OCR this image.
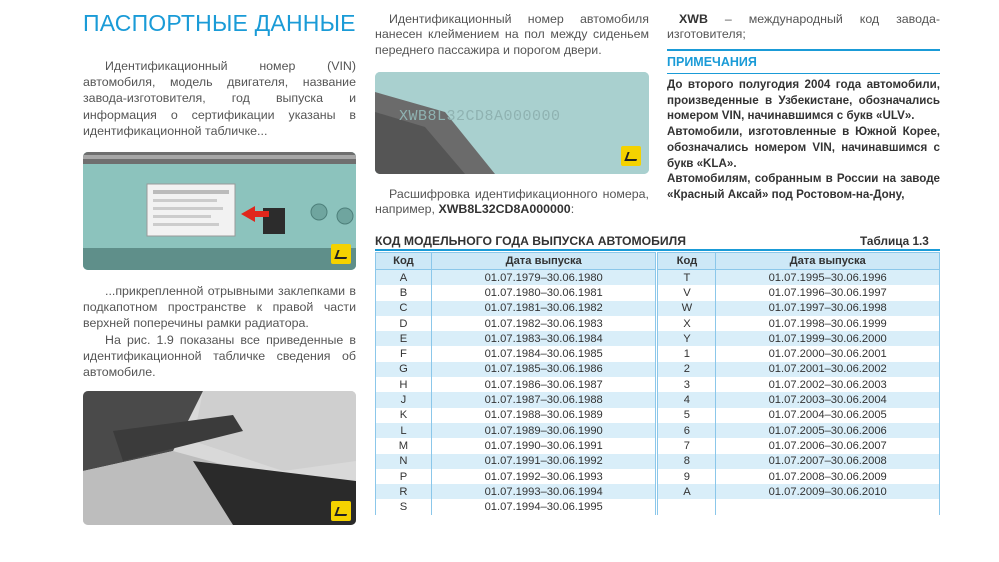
ПАСПОРТНЫЕ ДАННЫЕ

Идентификационный номер (VIN) автомобиля, модель двигателя, название завода-изготовителя, год выпуска и информация о сертификации указаны в идентификационной табличке...

...прикрепленной отрывными заклепками в подкапотном пространстве к правой части верхней поперечины рамки радиатора.

На рис. 1.9 показаны все приведенные в идентификационной табличке сведения об автомобиле.

Идентификационный номер автомобиля нанесен клеймением на пол между сиденьем переднего пассажира и порогом двери.

XWB8L32CD8A000000

Расшифровка идентификационного номера, например, XWB8L32CD8A000000:

XWB – международный код завода-изготовителя;

ПРИМЕЧАНИЯ

До второго полугодия 2004 года автомобили, произведенные в Узбекистане, обозначались номером VIN, начинавшимся с букв «ULV».

Автомобили, изготовленные в Южной Корее, обозначались номером VIN, начинавшимся с букв «KLA».

Автомобилям, собранным в России на заводе «Красный Аксай» под Ростовом-на-Дону,

КОД МОДЕЛЬНОГО ГОДА ВЫПУСКА АВТОМОБИЛЯ	Таблица 1.3
Код	Дата выпуска		Код	Дата выпуска
A	01.07.1979–30.06.1980		T	01.07.1995–30.06.1996
B	01.07.1980–30.06.1981		V	01.07.1996–30.06.1997
C	01.07.1981–30.06.1982		W	01.07.1997–30.06.1998
D	01.07.1982–30.06.1983		X	01.07.1998–30.06.1999
E	01.07.1983–30.06.1984		Y	01.07.1999–30.06.2000
F	01.07.1984–30.06.1985		1	01.07.2000–30.06.2001
G	01.07.1985–30.06.1986		2	01.07.2001–30.06.2002
H	01.07.1986–30.06.1987		3	01.07.2002–30.06.2003
J	01.07.1987–30.06.1988		4	01.07.2003–30.06.2004
K	01.07.1988–30.06.1989		5	01.07.2004–30.06.2005
L	01.07.1989–30.06.1990		6	01.07.2005–30.06.2006
M	01.07.1990–30.06.1991		7	01.07.2006–30.06.2007
N	01.07.1991–30.06.1992		8	01.07.2007–30.06.2008
P	01.07.1992–30.06.1993		9	01.07.2008–30.06.2009
R	01.07.1993–30.06.1994		A	01.07.2009–30.06.2010
S	01.07.1994–30.06.1995			
